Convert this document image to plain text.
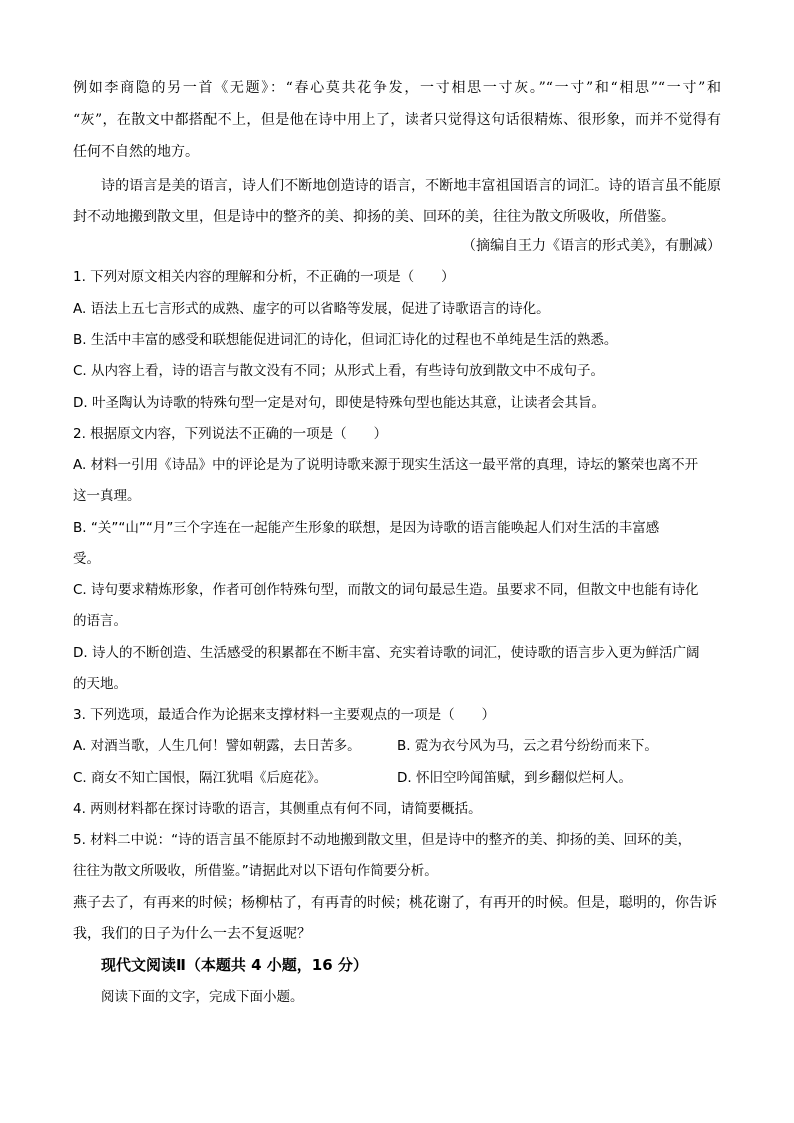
例如李商隐的另一首《无题》：“春心莫共花争发，一寸相思一寸灰。”“一寸”和“相思”“一寸”和
“灰”，在散文中都搭配不上，但是他在诗中用上了，读者只觉得这句话很精炼、很形象，而并不觉得有
任何不自然的地方。
诗的语言是美的语言，诗人们不断地创造诗的语言，不断地丰富祖国语言的词汇。诗的语言虽不能原
封不动地搬到散文里，但是诗中的整齐的美、抑扬的美、回环的美，往往为散文所吸收，所借鉴。
（摘编自王力《语言的形式美》，有删减）
1. 下列对原文相关内容的理解和分析，不正确的一项是（　　）
A. 语法上五七言形式的成熟、虚字的可以省略等发展，促进了诗歌语言的诗化。
B. 生活中丰富的感受和联想能促进词汇的诗化，但词汇诗化的过程也不单纯是生活的熟悉。
C. 从内容上看，诗的语言与散文没有不同；从形式上看，有些诗句放到散文中不成句子。
D. 叶圣陶认为诗歌的特殊句型一定是对句，即使是特殊句型也能达其意，让读者会其旨。
2. 根据原文内容，下列说法不正确的一项是（　　）
A. 材料一引用《诗品》中的评论是为了说明诗歌来源于现实生活这一最平常的真理，诗坛的繁荣也离不开
这一真理。
B. “关”“山”“月”三个字连在一起能产生形象的联想，是因为诗歌的语言能唤起人们对生活的丰富感
受。
C. 诗句要求精炼形象，作者可创作特殊句型，而散文的词句最忌生造。虽要求不同，但散文中也能有诗化
的语言。
D. 诗人的不断创造、生活感受的积累都在不断丰富、充实着诗歌的词汇，使诗歌的语言步入更为鲜活广阔
的天地。
3. 下列选项，最适合作为论据来支撑材料一主要观点的一项是（　　）
A. 对酒当歌，人生几何！譬如朝露，去日苦多。	B. 霓为衣兮风为马，云之君兮纷纷而来下。
C. 商女不知亡国恨，隔江犹唱《后庭花》。	D. 怀旧空吟闻笛赋，到乡翻似烂柯人。
4. 两则材料都在探讨诗歌的语言，其侧重点有何不同，请简要概括。
5. 材料二中说：“诗的语言虽不能原封不动地搬到散文里，但是诗中的整齐的美、抑扬的美、回环的美，
往往为散文所吸收，所借鉴。”请据此对以下语句作简要分析。
燕子去了，有再来的时候；杨柳枯了，有再青的时候；桃花谢了，有再开的时候。但是，聪明的，你告诉
我，我们的日子为什么一去不复返呢？
现代文阅读Ⅱ（本题共 4 小题，16 分）
阅读下面的文字，完成下面小题。
